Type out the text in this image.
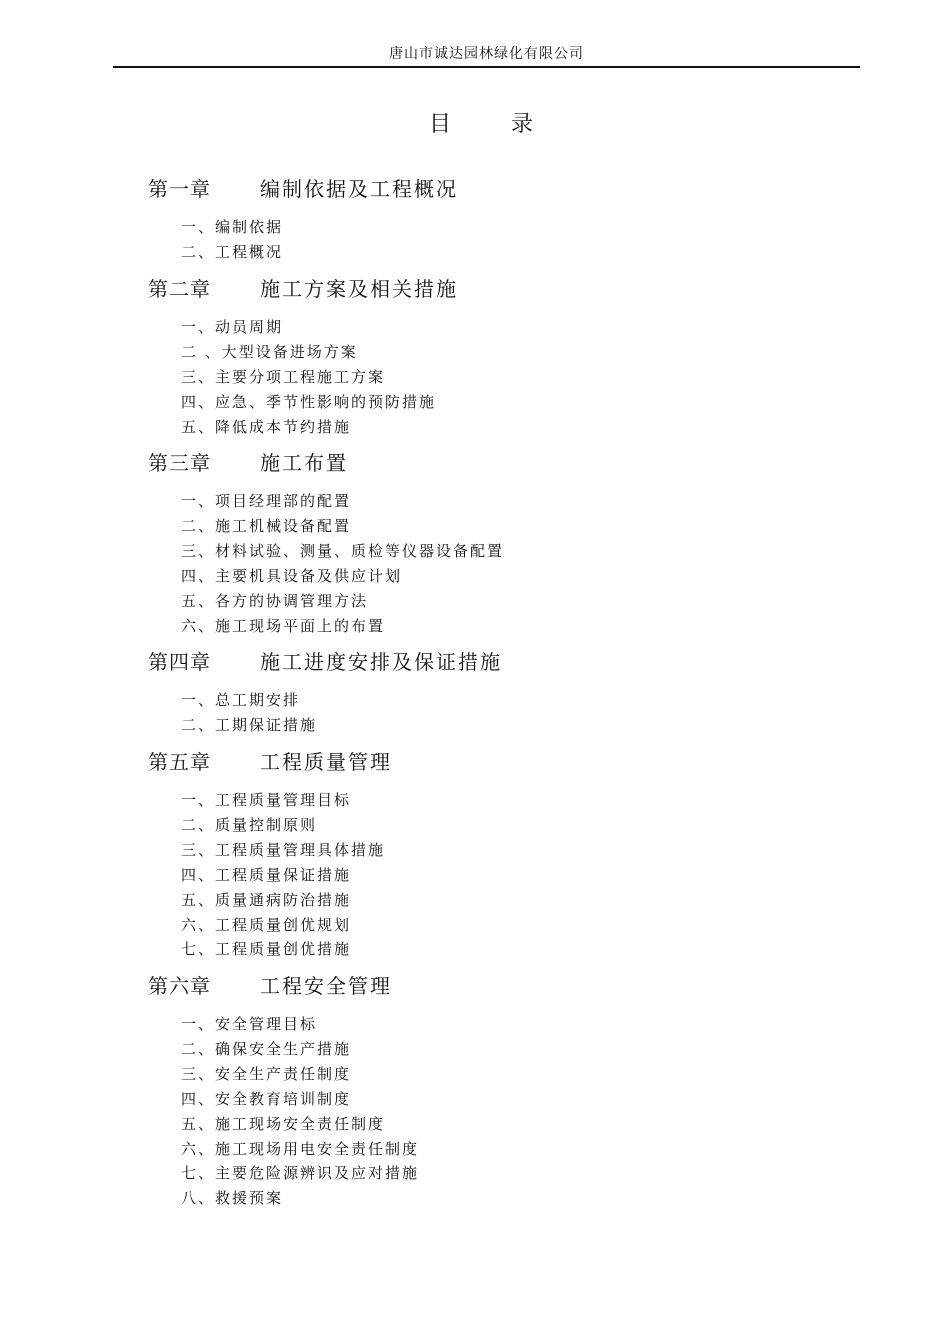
唐山市诚达园林绿化有限公司
目录
第一章 编制依据及工程概况
一、编制依据
二、工程概况
第二章 施工方案及相关措施
一、动员周期
二 、大型设备进场方案
三、主要分项工程施工方案
四、应急、季节性影响的预防措施
五、降低成本节约措施
第三章 施工布置
一、项目经理部的配置
二、施工机械设备配置
三、材料试验、测量、质检等仪器设备配置
四、主要机具设备及供应计划
五、各方的协调管理方法
六、施工现场平面上的布置
第四章 施工进度安排及保证措施
一、总工期安排
二、工期保证措施
第五章 工程质量管理
一、工程质量管理目标
二、质量控制原则
三、工程质量管理具体措施
四、工程质量保证措施
五、质量通病防治措施
六、工程质量创优规划
七、工程质量创优措施
第六章 工程安全管理
一、安全管理目标
二、确保安全生产措施
三、安全生产责任制度
四、安全教育培训制度
五、施工现场安全责任制度
六、施工现场用电安全责任制度
七、主要危险源辨识及应对措施
八、救援预案
